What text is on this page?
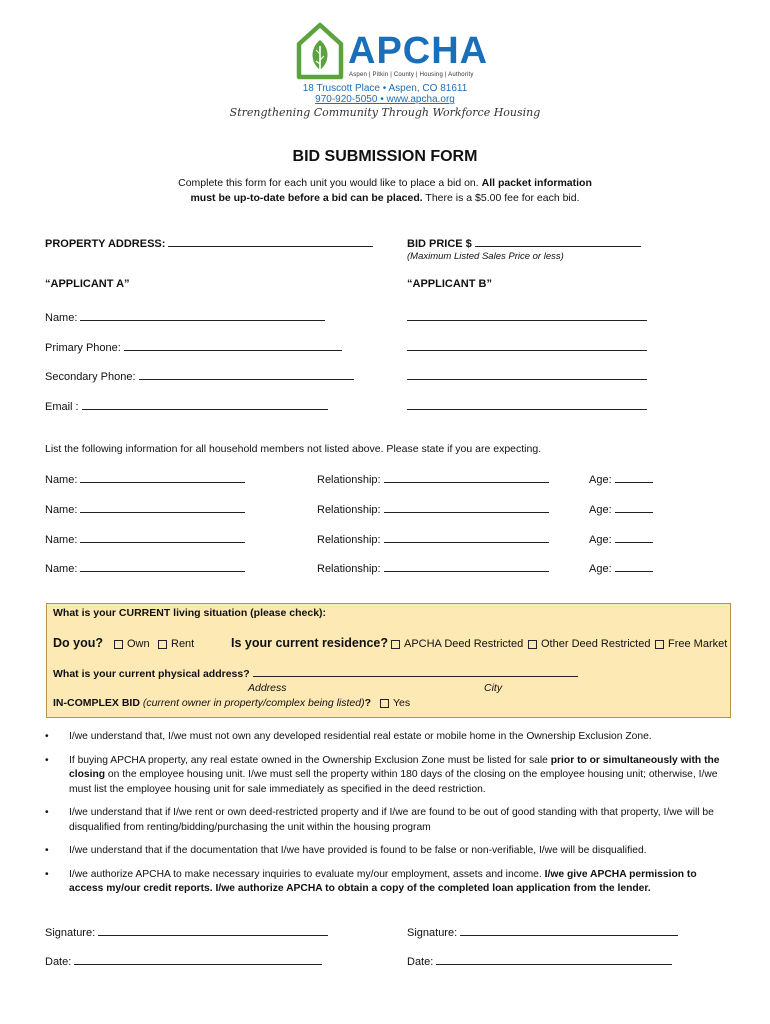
APCHA
Aspen | Pitkin | County | Housing | Authority
18 Truscott Place • Aspen, CO 81611
970-920-5050 • www.apcha.org
Strengthening Community Through Workforce Housing
BID SUBMISSION FORM
Complete this form for each unit you would like to place a bid on. All packet information
must be up-to-date before a bid can be placed. There is a $5.00 fee for each bid.
PROPERTY ADDRESS:	BID PRICE $
(Maximum Listed Sales Price or less)
“APPLICANT A”	“APPLICANT B”
Name:
Primary Phone:
Secondary Phone:
Email :
List the following information for all household members not listed above. Please state if you are expecting.
Name:	Relationship:	Age:
Name:	Relationship:	Age:
Name:	Relationship:	Age:
Name:	Relationship:	Age:
What is your CURRENT living situation (please check):
Do you?	Own	Rent	Is your current residence?	APCHA Deed Restricted	Other Deed Restricted	Free Market
What is your current physical address?
Address	City
IN-COMPLEX BID (current owner in property/complex being listed)? Yes
• I/we understand that, I/we must not own any developed residential real estate or mobile home in the Ownership Exclusion Zone.
• If buying APCHA property, any real estate owned in the Ownership Exclusion Zone must be listed for sale prior to or simultaneously with the closing on the employee housing unit. I/we must sell the property within 180 days of the closing on the employee housing unit; otherwise, I/we must list the employee housing unit for sale immediately as specified in the deed restriction.
• I/we understand that if I/we rent or own deed-restricted property and if I/we are found to be out of good standing with that property, I/we will be disqualified from renting/bidding/purchasing the unit within the housing program
• I/we understand that if the documentation that I/we have provided is found to be false or non-verifiable, I/we will be disqualified.
• I/we authorize APCHA to make necessary inquiries to evaluate my/our employment, assets and income. I/we give APCHA permission to access my/our credit reports. I/we authorize APCHA to obtain a copy of the completed loan application from the lender.
Signature:	Signature:
Date:	Date:
